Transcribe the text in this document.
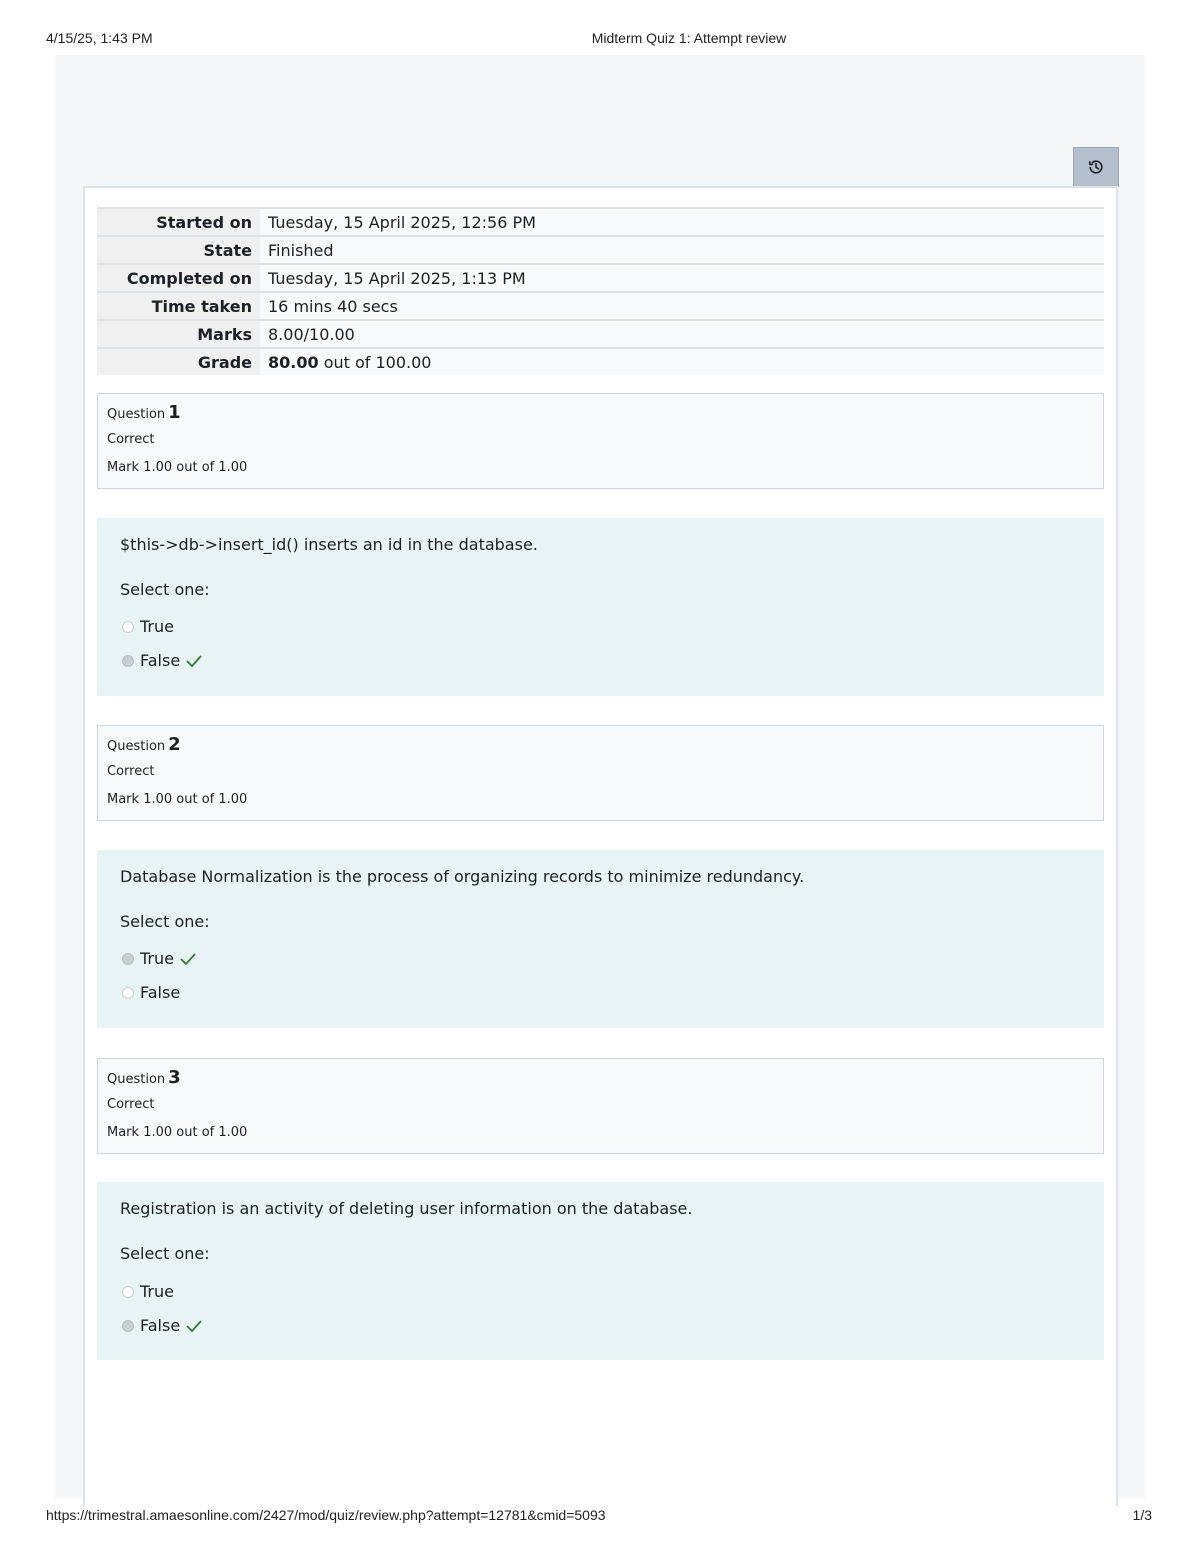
4/15/25, 1:43 PM	Midterm Quiz 1: Attempt review
Started on	Tuesday, 15 April 2025, 12:56 PM
State	Finished
Completed on	Tuesday, 15 April 2025, 1:13 PM
Time taken	16 mins 40 secs
Marks	8.00/10.00
Grade	80.00 out of 100.00
Question 1
Correct
Mark 1.00 out of 1.00
$this->db->insert_id() inserts an id in the database.
Select one:
True
False
Question 2
Correct
Mark 1.00 out of 1.00
Database Normalization is the process of organizing records to minimize redundancy.
Select one:
True
False
Question 3
Correct
Mark 1.00 out of 1.00
Registration is an activity of deleting user information on the database.
Select one:
True
False
https://trimestral.amaesonline.com/2427/mod/quiz/review.php?attempt=12781&cmid=5093	1/3
